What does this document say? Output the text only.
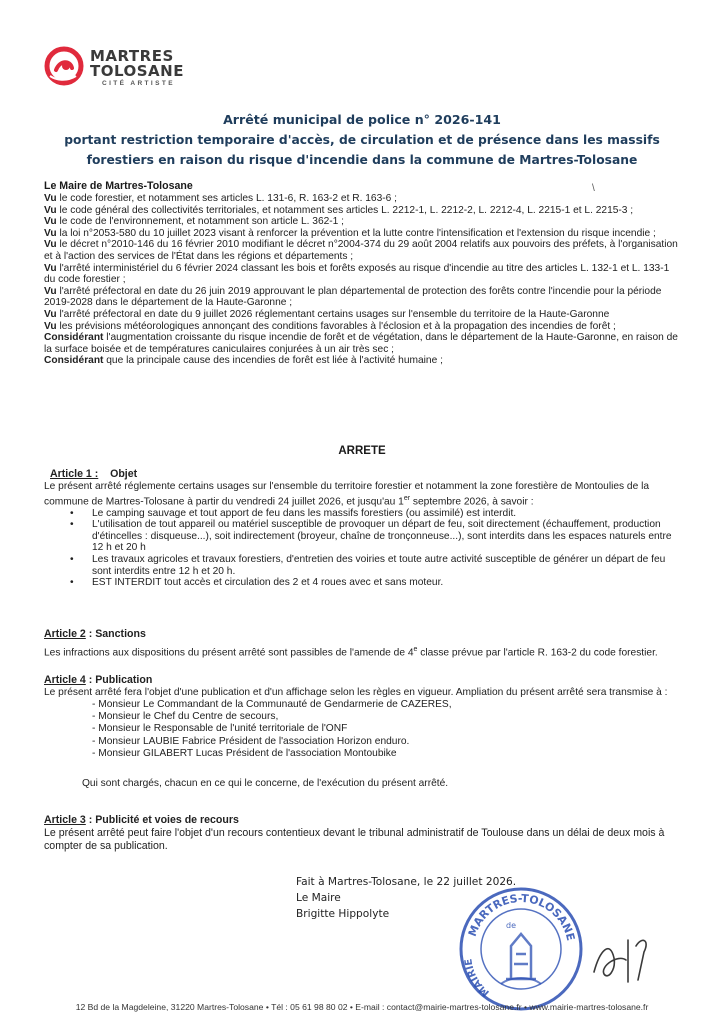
MARTRES
TOLOSANE
CITÉ ARTISTE
Arrêté municipal de police n° 2026-141
portant restriction temporaire d'accès, de circulation et de présence dans les massifs
forestiers en raison du risque d'incendie dans la commune de Martres-Tolosane
Le Maire de Martres-Tolosane	\

Vu le code forestier, et notamment ses articles L. 131-6, R. 163-2 et R. 163-6 ;

Vu le code général des collectivités territoriales, et notamment ses articles L. 2212-1, L. 2212-2, L. 2212-4, L. 2215-1 et L. 2215-3 ;

Vu le code de l'environnement, et notamment son article L. 362-1 ;

Vu la loi n°2053-580 du 10 juillet 2023 visant à renforcer la prévention et la lutte contre l'intensification et l'extension du risque incendie ;

Vu le décret n°2010-146 du 16 février 2010 modifiant le décret n°2004-374 du 29 août 2004 relatifs aux pouvoirs des préfets, à l'organisation et à l'action des services de l'État dans les régions et départements ;

Vu l'arrêté interministériel du 6 février 2024 classant les bois et forêts exposés au risque d'incendie au titre des articles L. 132-1 et L. 133-1 du code forestier ;

Vu l'arrêté préfectoral en date du 26 juin 2019 approuvant le plan départemental de protection des forêts contre l'incendie pour la période 2019-2028 dans le département de la Haute-Garonne ;

Vu l'arrêté préfectoral en date du 9 juillet 2026 réglementant certains usages sur l'ensemble du territoire de la Haute-Garonne

Vu les prévisions météorologiques annonçant des conditions favorables à l'éclosion et à la propagation des incendies de forêt ;

Considérant l'augmentation croissante du risque incendie de forêt et de végétation, dans le département de la Haute-Garonne, en raison de la surface boisée et de températures caniculaires conjurées à un air très sec ;

Considérant que la principale cause des incendies de forêt est liée à l'activité humaine ;

ARRETE
Article 1 : Objet
Le présent arrêté réglemente certains usages sur l'ensemble du territoire forestier et notamment la zone forestière de Montoulies de la commune de Martres-Tolosane à partir du vendredi 24 juillet 2026, et jusqu'au 1er septembre 2026, à savoir :
• Le camping sauvage et tout apport de feu dans les massifs forestiers (ou assimilé) est interdit.
• L'utilisation de tout appareil ou matériel susceptible de provoquer un départ de feu, soit directement (échauffement, production d'étincelles : disqueuse...), soit indirectement (broyeur, chaîne de tronçonneuse...), sont interdits dans les espaces naturels entre 12 h et 20 h
• Les travaux agricoles et travaux forestiers, d'entretien des voiries et toute autre activité susceptible de générer un départ de feu sont interdits entre 12 h et 20 h.
• EST INTERDIT tout accès et circulation des 2 et 4 roues avec et sans moteur.
Article 2 : Sanctions
Les infractions aux dispositions du présent arrêté sont passibles de l'amende de 4e classe prévue par l'article R. 163-2 du code forestier.
Article 4 : Publication
Le présent arrêté fera l'objet d'une publication et d'un affichage selon les règles en vigueur. Ampliation du présent arrêté sera transmise à :
- Monsieur Le Commandant de la Communauté de Gendarmerie de CAZERES,
- Monsieur le Chef du Centre de secours,
- Monsieur le Responsable de l'unité territoriale de l'ONF
- Monsieur LAUBIE Fabrice Président de l'association Horizon enduro.
- Monsieur GILABERT Lucas Président de l'association Montoubike
Qui sont chargés, chacun en ce qui le concerne, de l'exécution du présent arrêté.
Article 3 : Publicité et voies de recours
Le présent arrêté peut faire l'objet d'un recours contentieux devant le tribunal administratif de Toulouse dans un délai de deux mois à compter de sa publication.
Fait à Martres-Tolosane, le 22 juillet 2026.
Le Maire
Brigitte Hippolyte
MARTRES-TOLOSANE
MAIRIE
de
12 Bd de la Magdeleine, 31220 Martres-Tolosane • Tél : 05 61 98 80 02 • E-mail : contact@mairie-martres-tolosane.fr • www.mairie-martres-tolosane.fr
